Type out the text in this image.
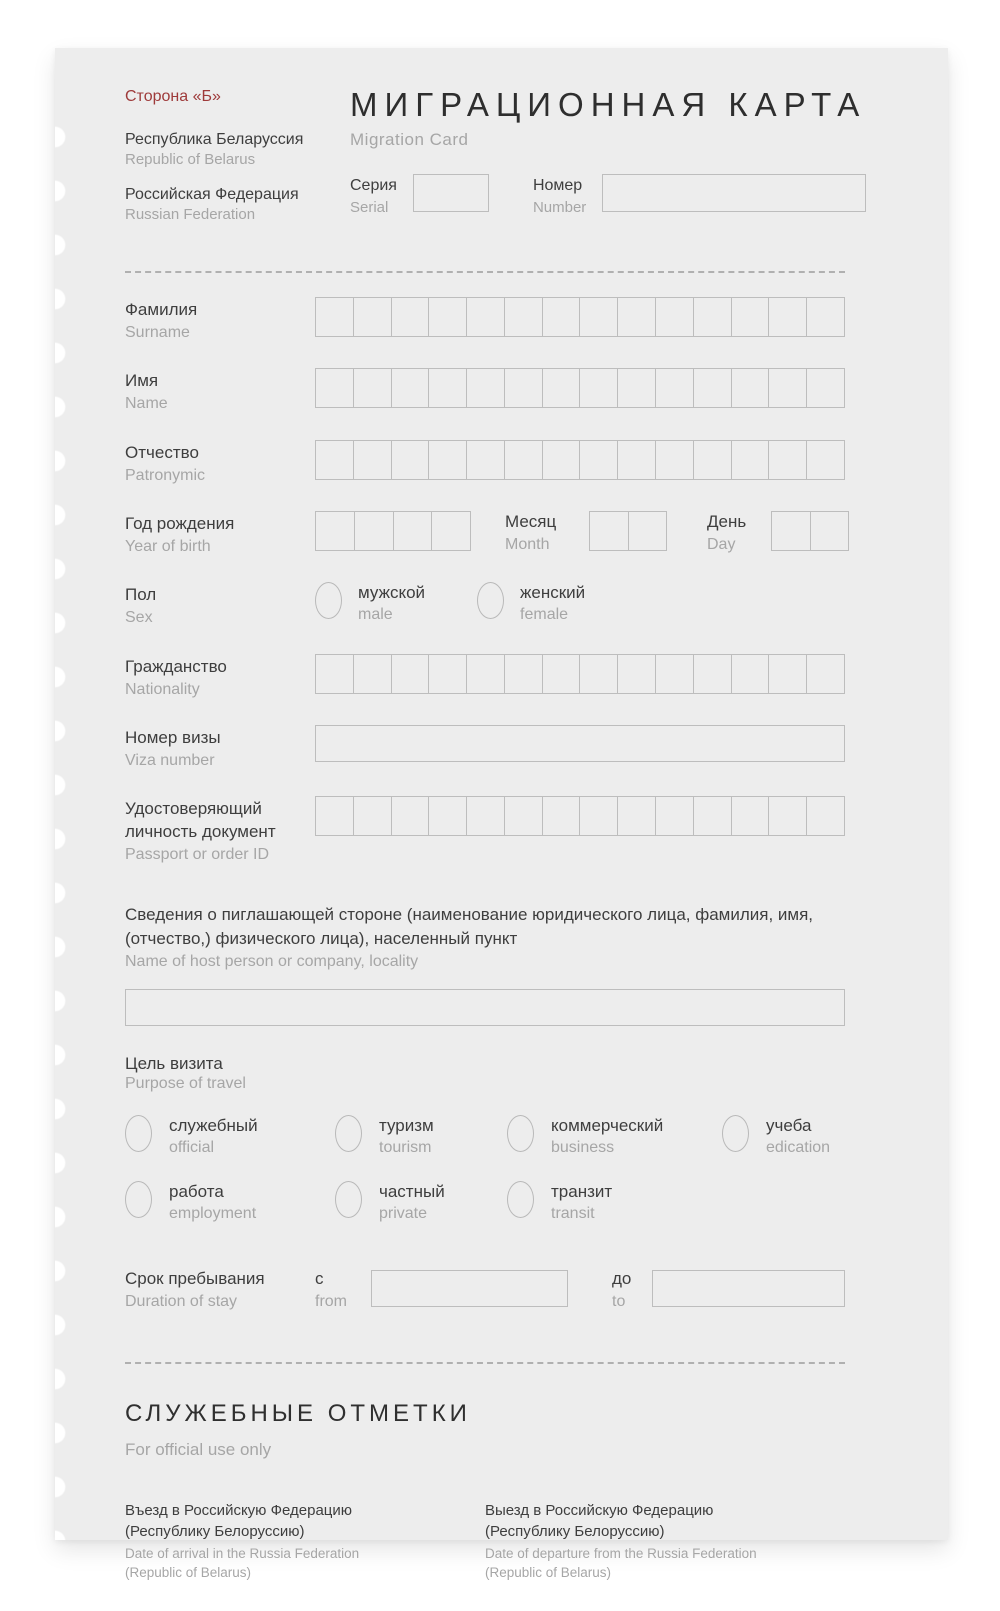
Сторона «Б»
Республика Беларуссия
Republic of Belarus
Российская Федерация
Russian Federation
МИГРАЦИОННАЯ КАРТА
Migration Card
Серия
Serial
Номер
Number
Фамилия
Surname
Имя
Name
Отчество
Patronymic
Год рождения
Year of birth
Месяц
Month
День
Day
Пол
Sex
мужской
male
женский
female
Гражданство
Nationality
Номер визы
Viza number
Удостоверяющий личность документ
Passport or order ID
Сведения о пиглашающей стороне (наименование юридического лица, фамилия, имя, (отчество,) физического лица), населенный пункт
Name of host person or company, locality
Цель визита
Purpose of travel
служебный
official
туризм
tourism
коммерческий
business
учеба
edication
работа
employment
частный
private
транзит
transit
Срок пребывания
Duration of stay
с
from
до
to
СЛУЖЕБНЫЕ ОТМЕТКИ
For official use only
Въезд в Российскую Федерацию
(Республику Белоруссию)
Date of arrival in the Russia Federation
(Republic of Belarus)
Выезд в Российскую Федерацию
(Республику Белоруссию)
Date of departure from the Russia Federation
(Republic of Belarus)
